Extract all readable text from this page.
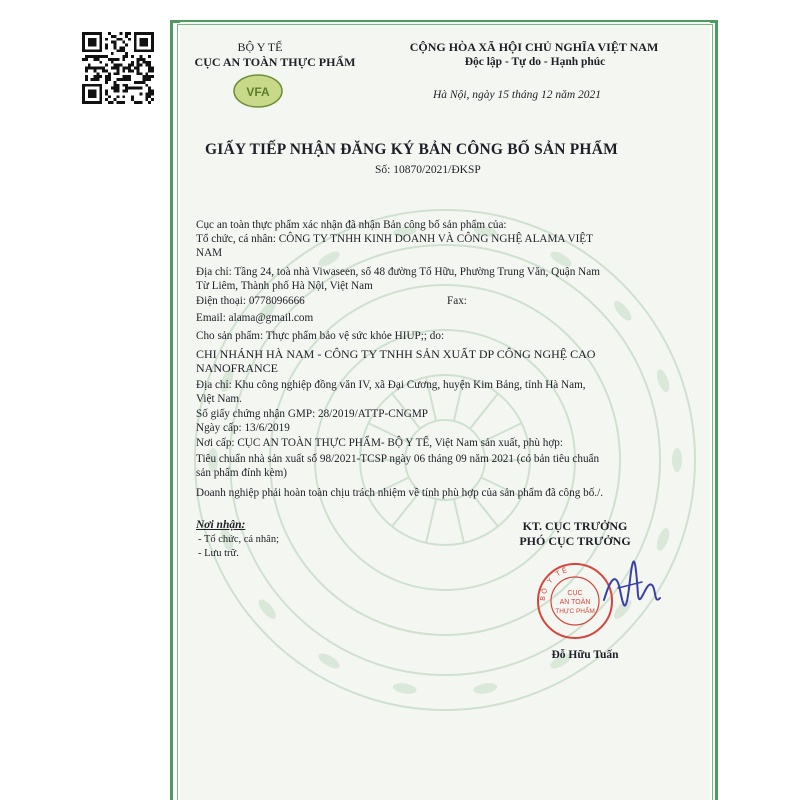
BỘ Y TẾ
CỤC AN TOÀN THỰC PHẨM
VFA
CỘNG HÒA XÃ HỘI CHỦ NGHĨA VIỆT NAM
Độc lập - Tự do - Hạnh phúc
Hà Nội, ngày 15 tháng 12 năm 2021
GIẤY TIẾP NHẬN ĐĂNG KÝ BẢN CÔNG BỐ SẢN PHẨM
Số: 10870/2021/ĐKSP
Cục an toàn thực phẩm xác nhận đã nhận Bản công bố sản phẩm của:
Tổ chức, cá nhân: CÔNG TY TNHH KINH DOANH VÀ CÔNG NGHỆ ALAMA VIỆT
NAM
Địa chỉ: Tầng 24, toà nhà Viwaseen, số 48 đường Tố Hữu, Phường Trung Văn, Quận Nam
Từ Liêm, Thành phố Hà Nội, Việt Nam
Điện thoại: 0778096666	Fax:
Email: alama@gmail.com
Cho sản phẩm: Thực phẩm bảo vệ sức khỏe HIUP;; do:
CHI NHÁNH HÀ NAM - CÔNG TY TNHH SẢN XUẤT DP CÔNG NGHỆ CAO
NANOFRANCE
Địa chỉ: Khu công nghiệp đồng văn IV, xã Đại Cương, huyện Kim Bảng, tỉnh Hà Nam,
Việt Nam.
Số giấy chứng nhận GMP: 28/2019/ATTP-CNGMP
Ngày cấp: 13/6/2019
Nơi cấp: CỤC AN TOÀN THỰC PHẨM- BỘ Y TẾ, Việt Nam sản xuất, phù hợp:
Tiêu chuẩn nhà sản xuất số 98/2021-TCSP ngày 06 tháng 09 năm 2021 (có bản tiêu chuẩn
sản phẩm đính kèm)
Doanh nghiệp phải hoàn toàn chịu trách nhiệm về tính phù hợp của sản phẩm đã công bố./.
Nơi nhận:
- Tổ chức, cá nhân;
- Lưu trữ.
KT. CỤC TRƯỞNG
PHÓ CỤC TRƯỞNG
BỘ Y TẾ
CỤC
AN TOÀN
THỰC PHẨM
Đỗ Hữu Tuấn
